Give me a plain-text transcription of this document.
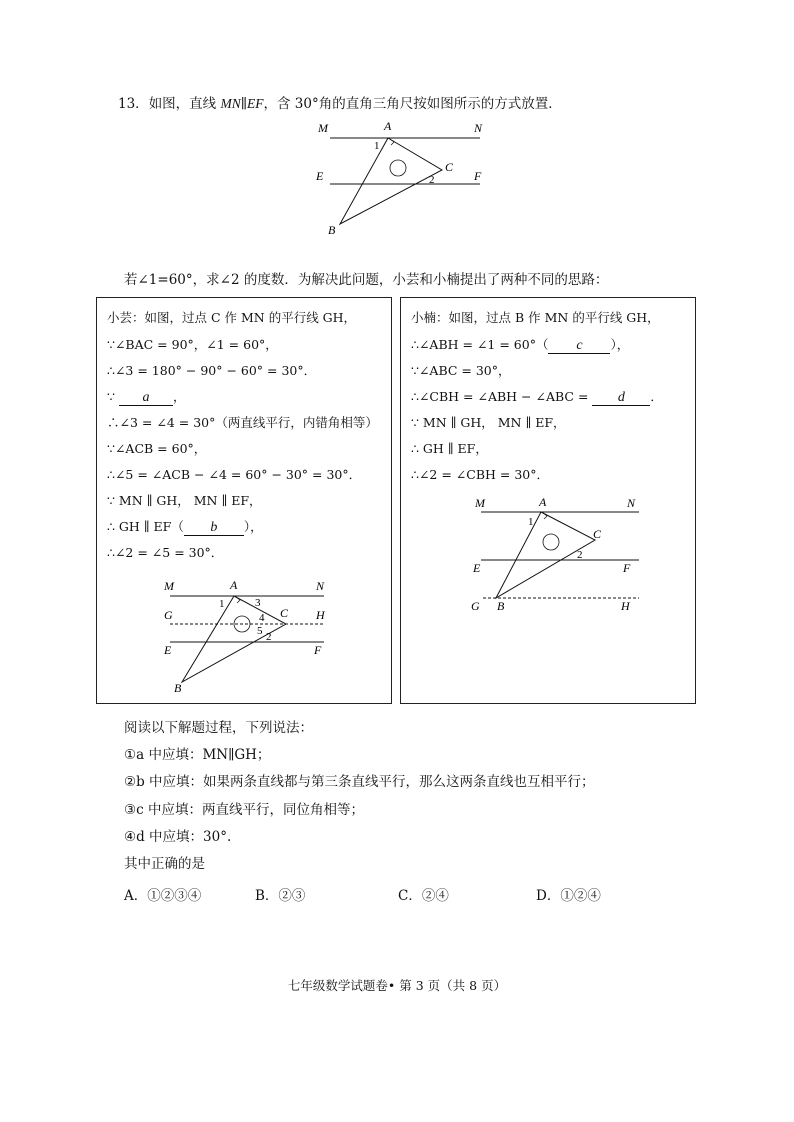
13．如图，直线 MN∥EF，含 30°角的直角三角尺按如图所示的方式放置．
M	N
A
1
C
2
E	F
B
若∠1=60°，求∠2 的度数．为解决此问题，小芸和小楠提出了两种不同的思路：
小芸：如图，过点 C 作 MN 的平行线 GH，
∵∠BAC = 90°，∠1 = 60°，
∴∠3 = 180° − 90° − 60° = 30°．
∵ a ，
∴∠3 = ∠4 = 30°（两直线平行，内错角相等）
∵∠ACB = 60°，
∴∠5 = ∠ACB − ∠4 = 60° − 30° = 30°．
∵ MN ∥ GH， MN ∥ EF，
∴ GH ∥ EF（ b ），
∴∠2 = ∠5 = 30°．
M	N
A
1	3
G	H
4 C
5 2
E	F
B
小楠：如图，过点 B 作 MN 的平行线 GH，
∴∠ABH = ∠1 = 60°（ c ），
∵∠ABC = 30°，
∴∠CBH = ∠ABH − ∠ABC = d ．
∵ MN ∥ GH， MN ∥ EF，
∴ GH ∥ EF，
∴∠2 = ∠CBH = 30°．
M	N
A
1
C
2
E	F
G B	H
阅读以下解题过程，下列说法：
①a 中应填：MN∥GH；
②b 中应填：如果两条直线都与第三条直线平行，那么这两条直线也互相平行；
③c 中应填：两直线平行，同位角相等；
④d 中应填：30°.
其中正确的是
A．①②③④	B．②③	C．②④	D．①②④
七年级数学试题卷• 第 3 页（共 8 页）
